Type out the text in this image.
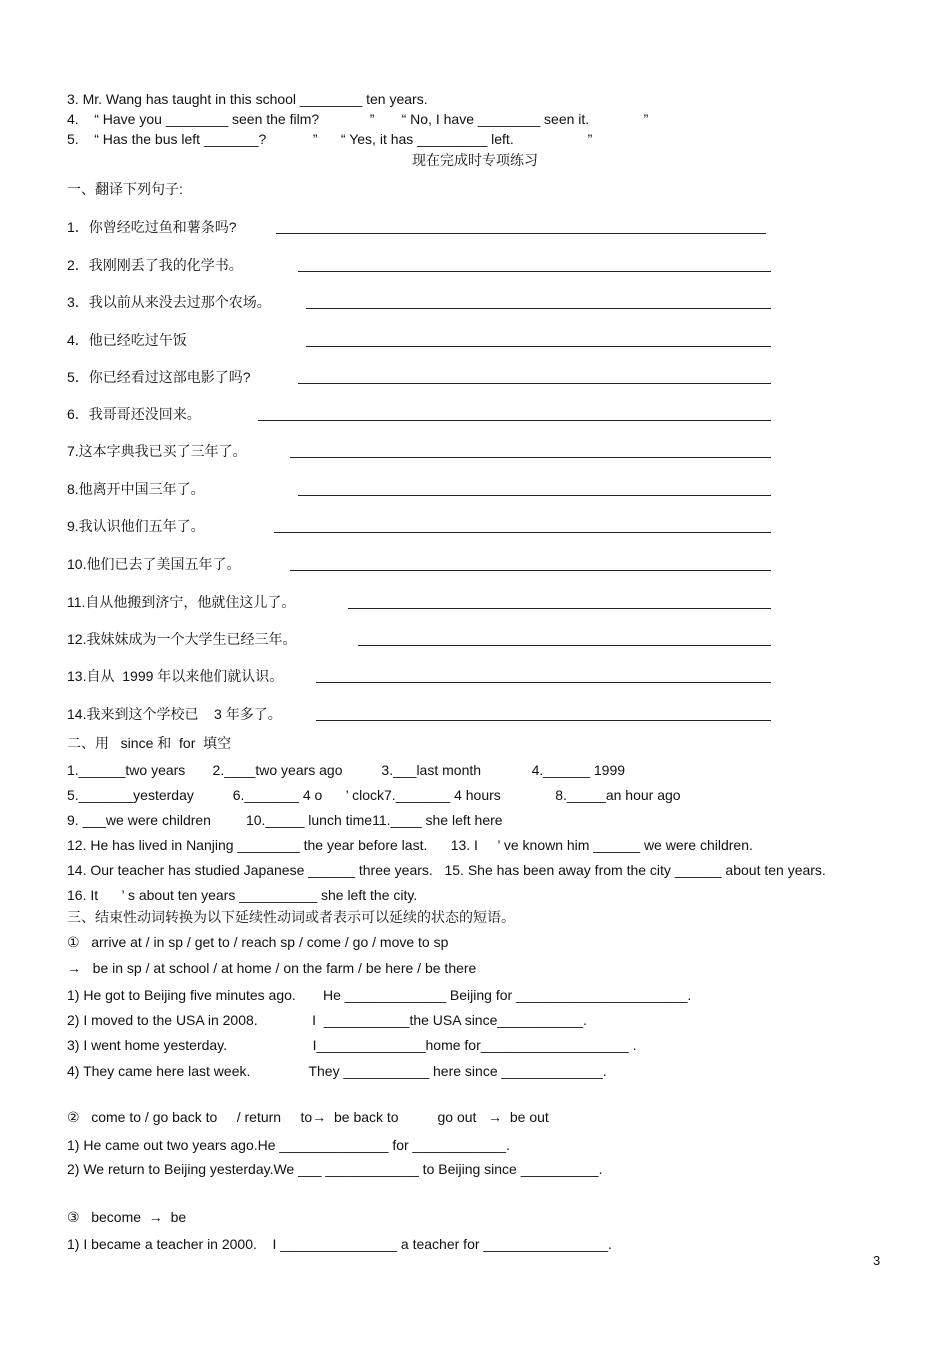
3. Mr. Wang has taught in this school ________ ten years.
4.    “ Have you ________ seen the film?             ”       “ No, I have ________ seen it.              ”
5.    “ Has the bus left _______?            ”      “ Yes, it has _________ left.                   ”
现在完成时专项练习
一、翻译下列句子:
1．你曾经吃过鱼和薯条吗?
2．我刚刚丢了我的化学书。
3．我以前从来没去过那个农场。
4．他已经吃过午饭
5．你已经看过这部电影了吗?
6．我哥哥还没回来。
7.这本字典我已买了三年了。
8.他离开中国三年了。
9.我认识他们五年了。
10.他们已去了美国五年了。
11.自从他搬到济宁，他就住这儿了。
12.我妹妹成为一个大学生已经三年。
13.自从  1999 年以来他们就认识。
14.我来到这个学校已    3 年多了。
二、用   since 和  for  填空
1.______two years       2.____two years ago          3.___last month             4.______ 1999
5._______yesterday          6._______ 4 o      ’ clock7._______ 4 hours              8._____an hour ago
9. ___we were children         10._____ lunch time11.____ she left here
12. He has lived in Nanjing ________ the year before last.      13. I     ’ ve known him ______ we were children.
14. Our teacher has studied Japanese ______ three years.   15. She has been away from the city ______ about ten years.
16. It      ’ s about ten years __________ she left the city.
三、结束性动词转换为以下延续性动词或者表示可以延续的状态的短语。
①   arrive at / in sp / get to / reach sp / come / go / move to sp
→   be in sp / at school / at home / on the farm / be here / be there
1) He got to Beijing five minutes ago.       He _____________ Beijing for ______________________.
2) I moved to the USA in 2008.              I  ___________the USA since___________.
3) I went home yesterday.                      I______________home for___________________ .
4) They came here last week.               They ___________ here since _____________.
②   come to / go back to     / return     to→  be back to          go out   →  be out
1) He came out two years ago.He ______________ for ____________.
2) We return to Beijing yesterday.We ___ ____________ to Beijing since __________.
③   become  →  be
1) I became a teacher in 2000.    I _______________ a teacher for ________________.
3
